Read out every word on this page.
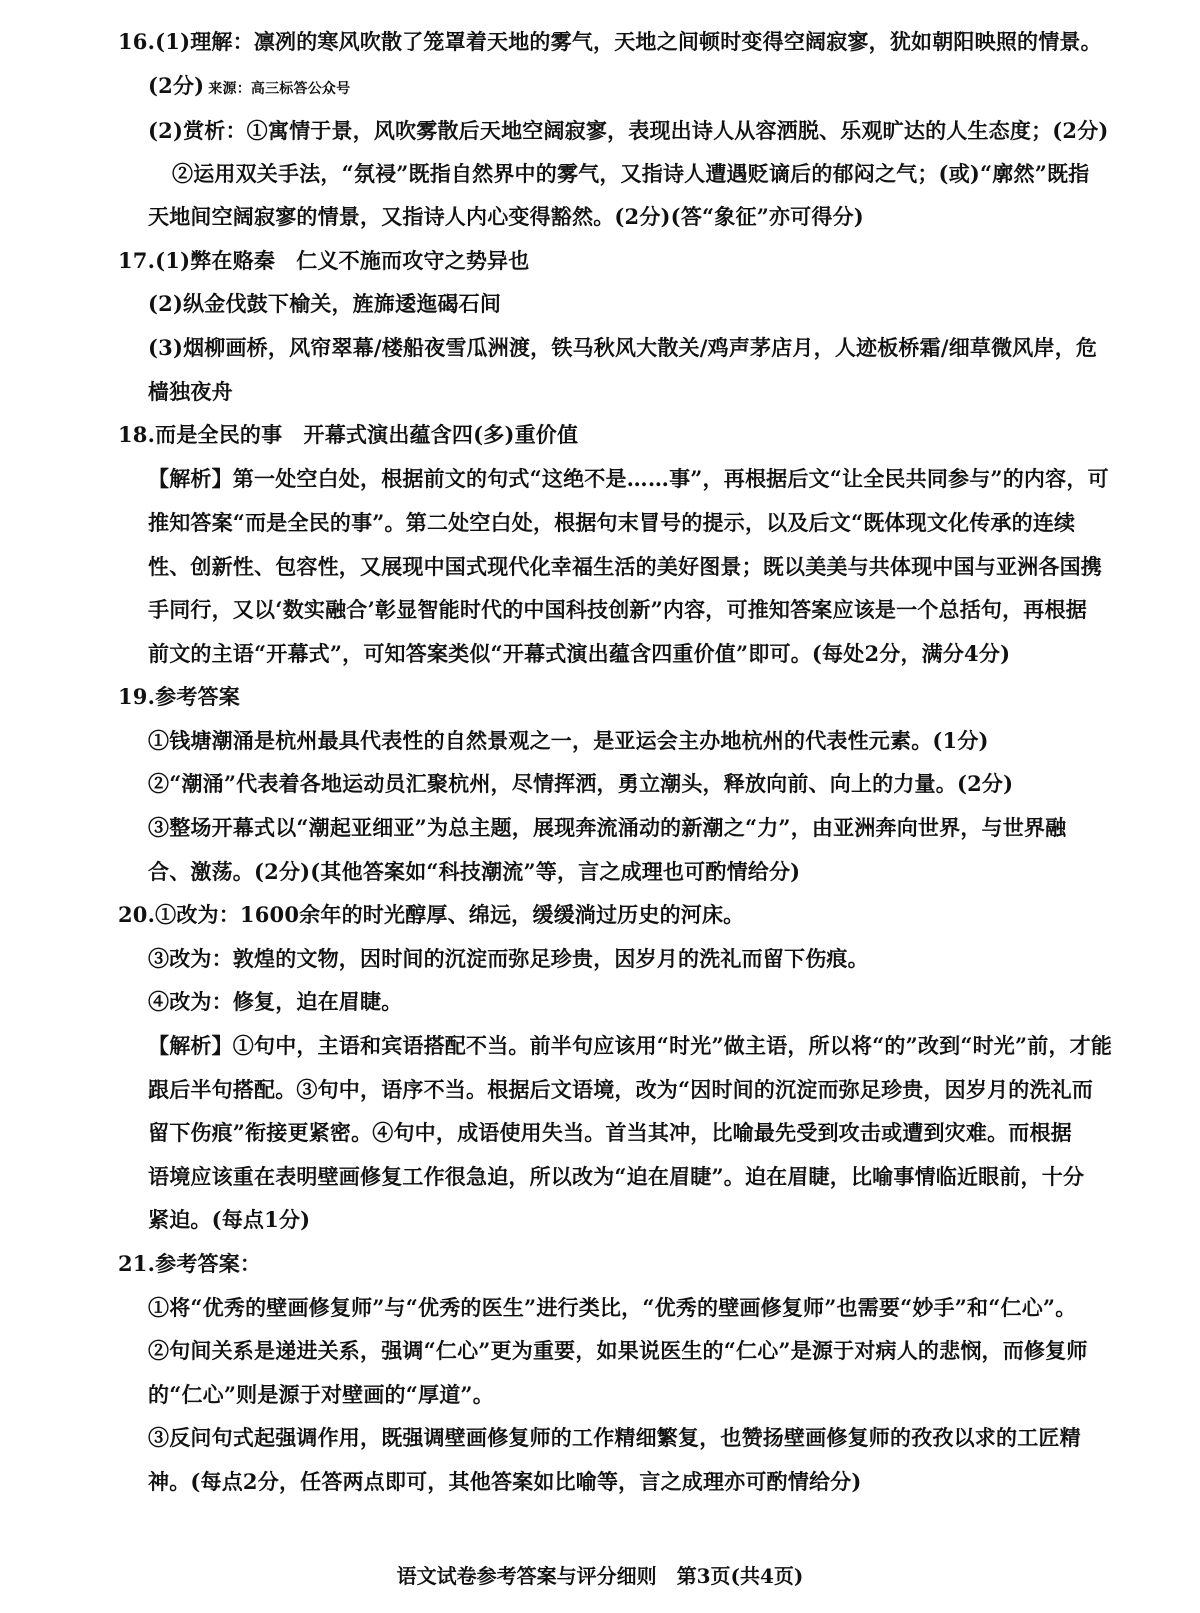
16.(1)理解：凛冽的寒风吹散了笼罩着天地的雾气，天地之间顿时变得空阔寂寥，犹如朝阳映照的情景。

(2分) 来源：高三标答公众号

(2)赏析：①寓情于景，风吹雾散后天地空阔寂寥，表现出诗人从容洒脱、乐观旷达的人生态度；(2分)

②运用双关手法，“氛祲”既指自然界中的雾气，又指诗人遭遇贬谪后的郁闷之气；(或)“廓然”既指

天地间空阔寂寥的情景，又指诗人内心变得豁然。(2分)(答“象征”亦可得分)

17.(1)弊在赂秦　仁义不施而攻守之势异也

(2)纵金伐鼓下榆关，旌旆逶迤碣石间

(3)烟柳画桥，风帘翠幕/楼船夜雪瓜洲渡，铁马秋风大散关/鸡声茅店月，人迹板桥霜/细草微风岸，危

樯独夜舟

18.而是全民的事　开幕式演出蕴含四(多)重价值

【解析】第一处空白处，根据前文的句式“这绝不是……事”，再根据后文“让全民共同参与”的内容，可

推知答案“而是全民的事”。第二处空白处，根据句末冒号的提示，以及后文“既体现文化传承的连续

性、创新性、包容性，又展现中国式现代化幸福生活的美好图景；既以美美与共体现中国与亚洲各国携

手同行，又以‘数实融合’彰显智能时代的中国科技创新”内容，可推知答案应该是一个总括句，再根据

前文的主语“开幕式”，可知答案类似“开幕式演出蕴含四重价值”即可。(每处2分，满分4分)

19.参考答案

①钱塘潮涌是杭州最具代表性的自然景观之一，是亚运会主办地杭州的代表性元素。(1分)

②“潮涌”代表着各地运动员汇聚杭州，尽情挥洒，勇立潮头，释放向前、向上的力量。(2分)

③整场开幕式以“潮起亚细亚”为总主题，展现奔流涌动的新潮之“力”，由亚洲奔向世界，与世界融

合、激荡。(2分)(其他答案如“科技潮流”等，言之成理也可酌情给分)

20.①改为：1600余年的时光醇厚、绵远，缓缓淌过历史的河床。

③改为：敦煌的文物，因时间的沉淀而弥足珍贵，因岁月的洗礼而留下伤痕。

④改为：修复，迫在眉睫。

【解析】①句中，主语和宾语搭配不当。前半句应该用“时光”做主语，所以将“的”改到“时光”前，才能

跟后半句搭配。③句中，语序不当。根据后文语境，改为“因时间的沉淀而弥足珍贵，因岁月的洗礼而

留下伤痕”衔接更紧密。④句中，成语使用失当。首当其冲，比喻最先受到攻击或遭到灾难。而根据

语境应该重在表明壁画修复工作很急迫，所以改为“迫在眉睫”。迫在眉睫，比喻事情临近眼前，十分

紧迫。(每点1分)

21.参考答案：

①将“优秀的壁画修复师”与“优秀的医生”进行类比，“优秀的壁画修复师”也需要“妙手”和“仁心”。

②句间关系是递进关系，强调“仁心”更为重要，如果说医生的“仁心”是源于对病人的悲悯，而修复师

的“仁心”则是源于对壁画的“厚道”。

③反问句式起强调作用，既强调壁画修复师的工作精细繁复，也赞扬壁画修复师的孜孜以求的工匠精

神。(每点2分，任答两点即可，其他答案如比喻等，言之成理亦可酌情给分)

语文试卷参考答案与评分细则　第3页(共4页)
